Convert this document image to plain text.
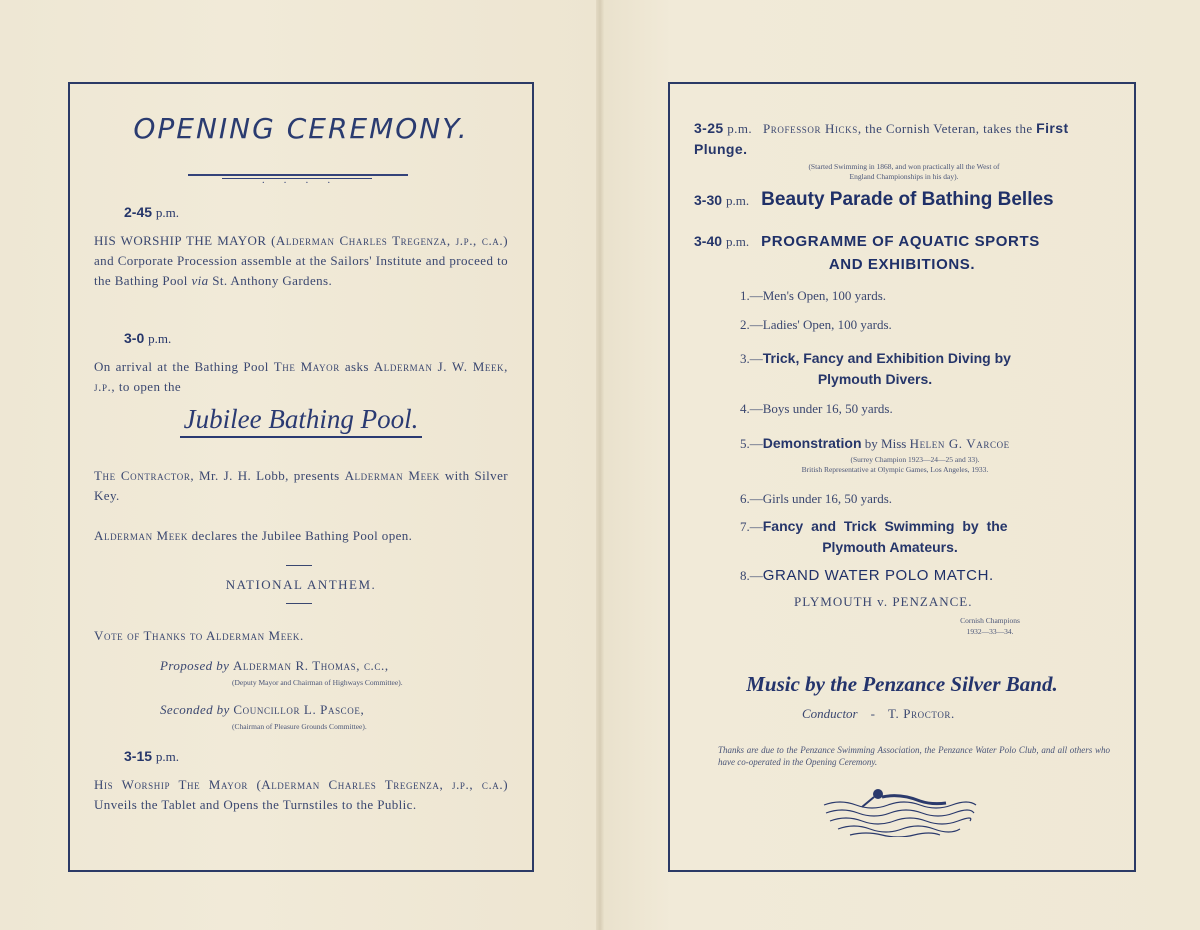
OPENING CEREMONY.
· · · ·
2-45 p.m.
HIS WORSHIP THE MAYOR (Alderman Charles Tregenza, j.p., c.a.) and Corporate Procession assemble at the Sailors' Institute and proceed to the Bathing Pool via St. Anthony Gardens.
3-0 p.m.
On arrival at the Bathing Pool The Mayor asks Alderman J. W. Meek, j.p., to open the
Jubilee Bathing Pool.
The Contractor, Mr. J. H. Lobb, presents Alderman Meek with Silver Key.
Alderman Meek declares the Jubilee Bathing Pool open.
NATIONAL ANTHEM.
Vote of Thanks to Alderman Meek.
Proposed by Alderman R. Thomas, c.c.,
(Deputy Mayor and Chairman of Highways Committee).
Seconded by Councillor L. Pascoe,
(Chairman of Pleasure Grounds Committee).
3-15 p.m.
His Worship The Mayor (Alderman Charles Tregenza, j.p., c.a.) Unveils the Tablet and Opens the Turnstiles to the Public.
3-25 p.m. Professor Hicks, the Cornish Veteran, takes the First Plunge.
(Started Swimming in 1868, and won practically all the West of England Championships in his day).
3-30 p.m. Beauty Parade of Bathing Belles
3-40 p.m. PROGRAMME OF AQUATIC SPORTS
AND EXHIBITIONS.
1.—Men's Open, 100 yards.
2.—Ladies' Open, 100 yards.
3.—Trick, Fancy and Exhibition Diving by
Plymouth Divers.
4.—Boys under 16, 50 yards.
5.—Demonstration by Miss Helen G. Varcoe
(Surrey Champion 1923—24—25 and 33).
British Representative at Olympic Games, Los Angeles, 1933.
6.—Girls under 16, 50 yards.
7.—Fancy and Trick Swimming by the
Plymouth Amateurs.
8.—GRAND WATER POLO MATCH.
PLYMOUTH v. PENZANCE.
Cornish Champions
1932—33—34.
Music by the Penzance Silver Band.
Conductor - T. Proctor.
Thanks are due to the Penzance Swimming Association, the Penzance Water Polo Club, and all others who have co-operated in the Opening Ceremony.
